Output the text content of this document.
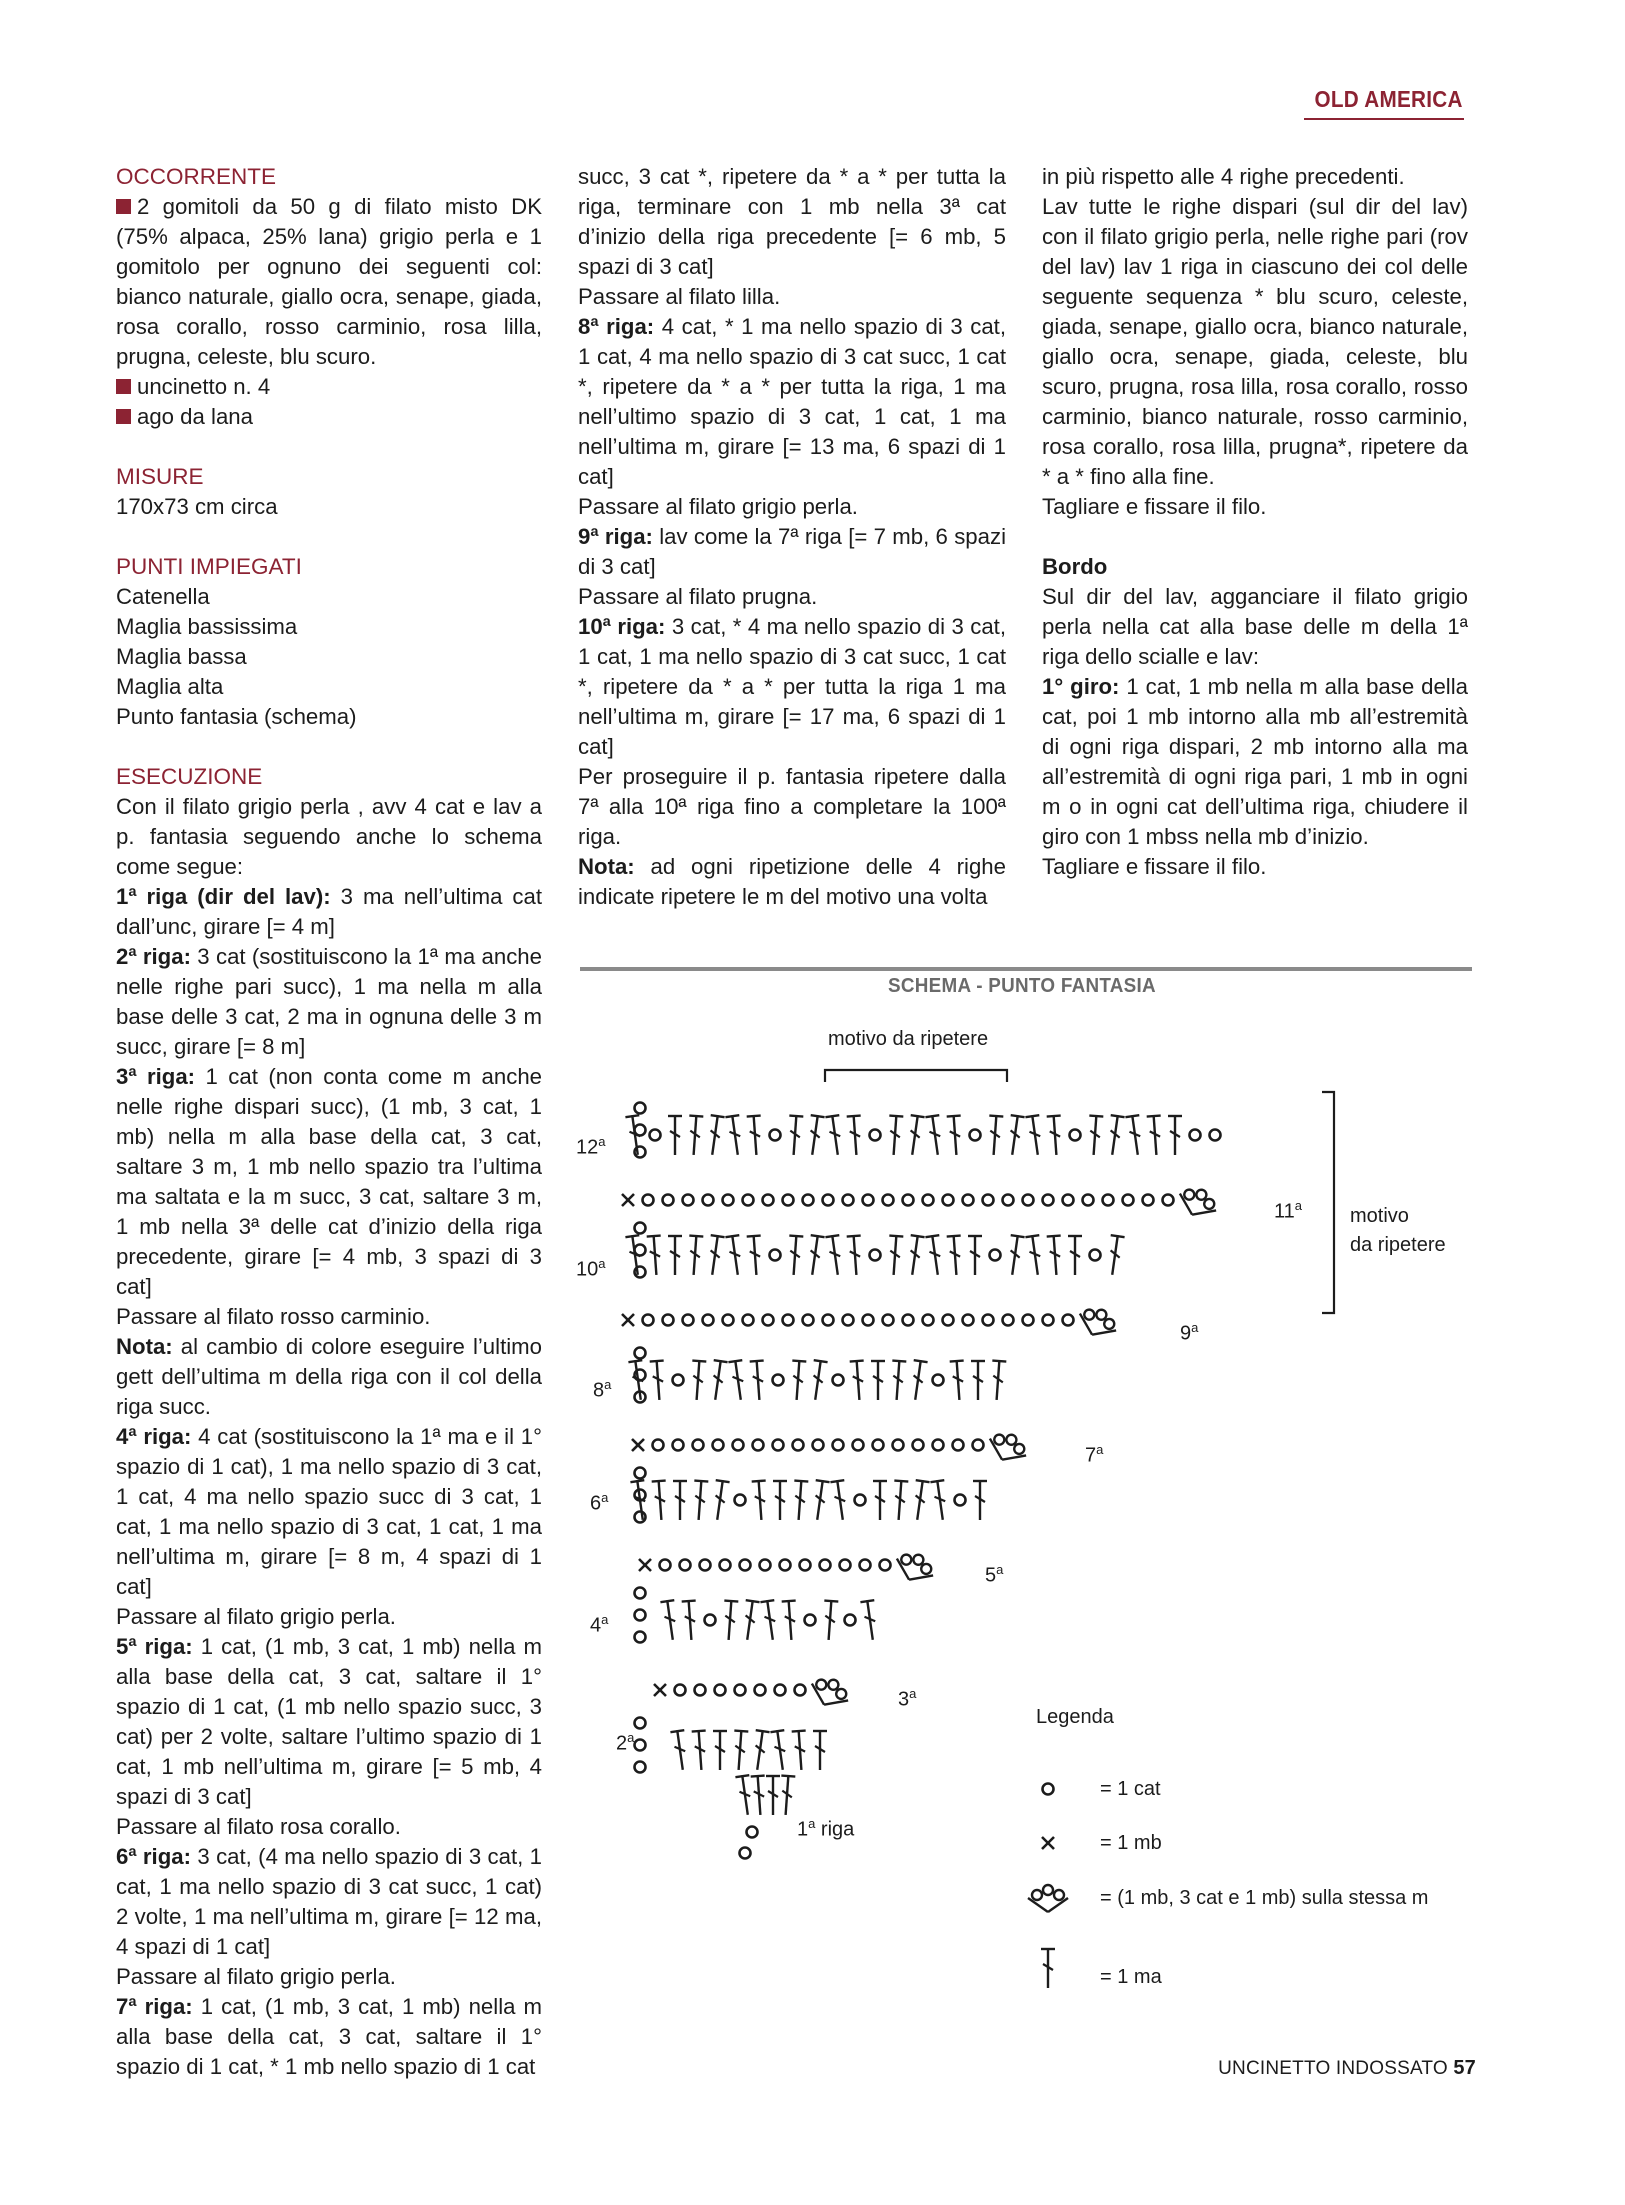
OLD AMERICA

OCCORRENTE

2 gomitoli da 50 g di filato misto DK (75% alpaca, 25% lana) grigio perla e 1 gomitolo per ognuno dei seguenti col: bianco naturale, giallo ocra, senape, giada, rosa corallo, rosso carminio, rosa lilla, prugna, celeste, blu scuro.

uncinetto n. 4

ago da lana

MISURE

170x73 cm circa

PUNTI IMPIEGATI

Catenella

Maglia bassissima

Maglia bassa

Maglia alta

Punto fantasia (schema)

ESECUZIONE

Con il filato grigio perla , avv 4 cat e lav a p. fantasia seguendo anche lo schema come segue:

1ª riga (dir del lav): 3 ma nell’ultima cat dall’unc, girare [= 4 m]

2ª riga: 3 cat (sostituiscono la 1ª ma anche nelle righe pari succ), 1 ma nella m alla base delle 3 cat, 2 ma in ognuna delle 3 m succ, girare [= 8 m]

3ª riga: 1 cat (non conta come m anche nelle righe dispari succ), (1 mb, 3 cat, 1 mb) nella m alla base della cat, 3 cat, saltare 3 m, 1 mb nello spazio tra l’ultima ma saltata e la m succ, 3 cat, saltare 3 m, 1 mb nella 3ª delle cat d’inizio della riga precedente, girare [= 4 mb, 3 spazi di 3 cat]

Passare al filato rosso carminio.

Nota: al cambio di colore eseguire l’ultimo gett dell’ultima m della riga con il col della riga succ.

4ª riga: 4 cat (sostituiscono la 1ª ma e il 1° spazio di 1 cat), 1 ma nello spazio di 3 cat, 1 cat, 4 ma nello spazio succ di 3 cat, 1 cat, 1 ma nello spazio di 3 cat, 1 cat, 1 ma nell’ultima m, girare [= 8 m, 4 spazi di 1 cat]

Passare al filato grigio perla.

5ª riga: 1 cat, (1 mb, 3 cat, 1 mb) nella m alla base della cat, 3 cat, saltare il 1° spazio di 1 cat, (1 mb nello spazio succ, 3 cat) per 2 volte, saltare l’ultimo spazio di 1 cat, 1 mb nell’ultima m, girare [= 5 mb, 4 spazi di 3 cat]

Passare al filato rosa corallo.

6ª riga: 3 cat, (4 ma nello spazio di 3 cat, 1 cat, 1 ma nello spazio di 3 cat succ, 1 cat) 2 volte, 1 ma nell’ultima m, girare [= 12 ma, 4 spazi di 1 cat]

Passare al filato grigio perla.

7ª riga: 1 cat, (1 mb, 3 cat, 1 mb) nella m alla base della cat, 3 cat, saltare il 1° spazio di 1 cat, * 1 mb nello spazio di 1 cat

succ, 3 cat *, ripetere da * a * per tutta la riga, terminare con 1 mb nella 3ª cat d’inizio della riga precedente [= 6 mb, 5 spazi di 3 cat]

Passare al filato lilla.

8ª riga: 4 cat, * 1 ma nello spazio di 3 cat, 1 cat, 4 ma nello spazio di 3 cat succ, 1 cat *, ripetere da * a * per tutta la riga, 1 ma nell’ultimo spazio di 3 cat, 1 cat, 1 ma nell’ultima m, girare [= 13 ma, 6 spazi di 1 cat]

Passare al filato grigio perla.

9ª riga: lav come la 7ª riga [= 7 mb, 6 spazi di 3 cat]

Passare al filato prugna.

10ª riga: 3 cat, * 4 ma nello spazio di 3 cat, 1 cat, 1 ma nello spazio di 3 cat succ, 1 cat *, ripetere da * a * per tutta la riga 1 ma nell’ultima m, girare [= 17 ma, 6 spazi di 1 cat]

Per proseguire il p. fantasia ripetere dalla 7ª alla 10ª riga fino a completare la 100ª riga.

Nota: ad ogni ripetizione delle 4 righe indicate ripetere le m del motivo una volta

in più rispetto alle 4 righe precedenti.

Lav tutte le righe dispari (sul dir del lav) con il filato grigio perla, nelle righe pari (rov del lav) lav 1 riga in ciascuno dei col delle seguente sequenza * blu scuro, celeste, giada, senape, giallo ocra, bianco naturale, giallo ocra, senape, giada, celeste, blu scuro, prugna, rosa lilla, rosa corallo, rosso carminio, bianco naturale, rosso carminio, rosa corallo, rosa lilla, prugna*, ripetere da * a * fino alla fine.

Tagliare e fissare il filo.

Bordo

Sul dir del lav, agganciare il filato grigio perla nella cat alla base delle m della 1ª riga dello scialle e lav:

1° giro: 1 cat, 1 mb nella m alla base della cat, poi 1 mb intorno alla mb all’estremità di ogni riga dispari, 2 mb intorno alla ma all’estremità di ogni riga pari, 1 mb in ogni m o in ogni cat dell’ultima riga, chiudere il giro con 1 mbss nella mb d’inizio.

Tagliare e fissare il filo.

SCHEMA - PUNTO FANTASIA
motivo da ripetere
motivo
da ripetere
1$^a$ riga
2$^a$
3$^a$
4$^a$
5$^a$
6$^a$
7$^a$
8$^a$
9$^a$
10$^a$
11$^a$
12$^a$
Legenda
= 1 cat
= 1 mb
= (1 mb, 3 cat e 1 mb) sulla stessa m
= 1 ma
UNCINETTO INDOSSATO 57
